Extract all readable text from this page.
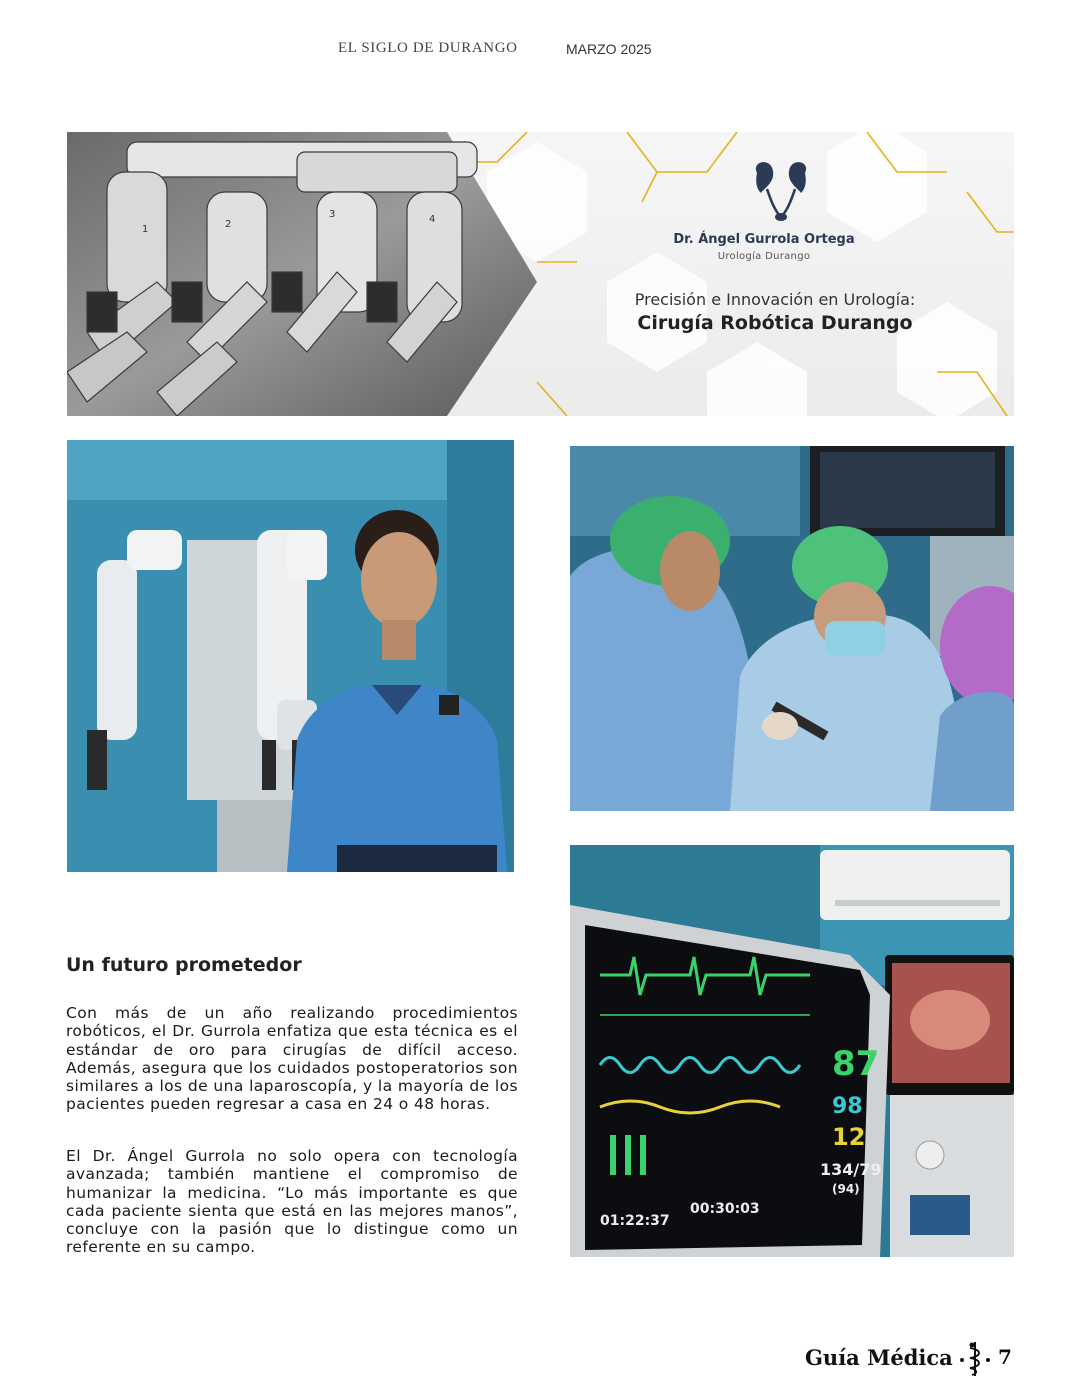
EL SIGLO DE DURANGO	MARZO 2025
1	2
3	4
Dr. Ángel Gurrola Ortega
Urología Durango
Precisión e Innovación en Urología:
Cirugía Robótica Durango
87
98
12
134/79
(94)
01:22:37
00:30:03
Un futuro prometedor

Con más de un año realizando procedimientos robóticos, el Dr. Gurrola enfatiza que esta técnica es el estándar de oro para cirugías de difícil acceso. Además, asegura que los cuidados postoperatorios son similares a los de una laparoscopía, y la mayoría de los pacientes pueden regresar a casa en 24 o 48 horas.

El Dr. Ángel Gurrola no solo opera con tecnología avanzada; también mantiene el compromiso de humanizar la medicina. “Lo más importante es que cada paciente sienta que está en las mejores manos”, concluye con la pasión que lo distingue como un referente en su campo.

Guía Médica 7
